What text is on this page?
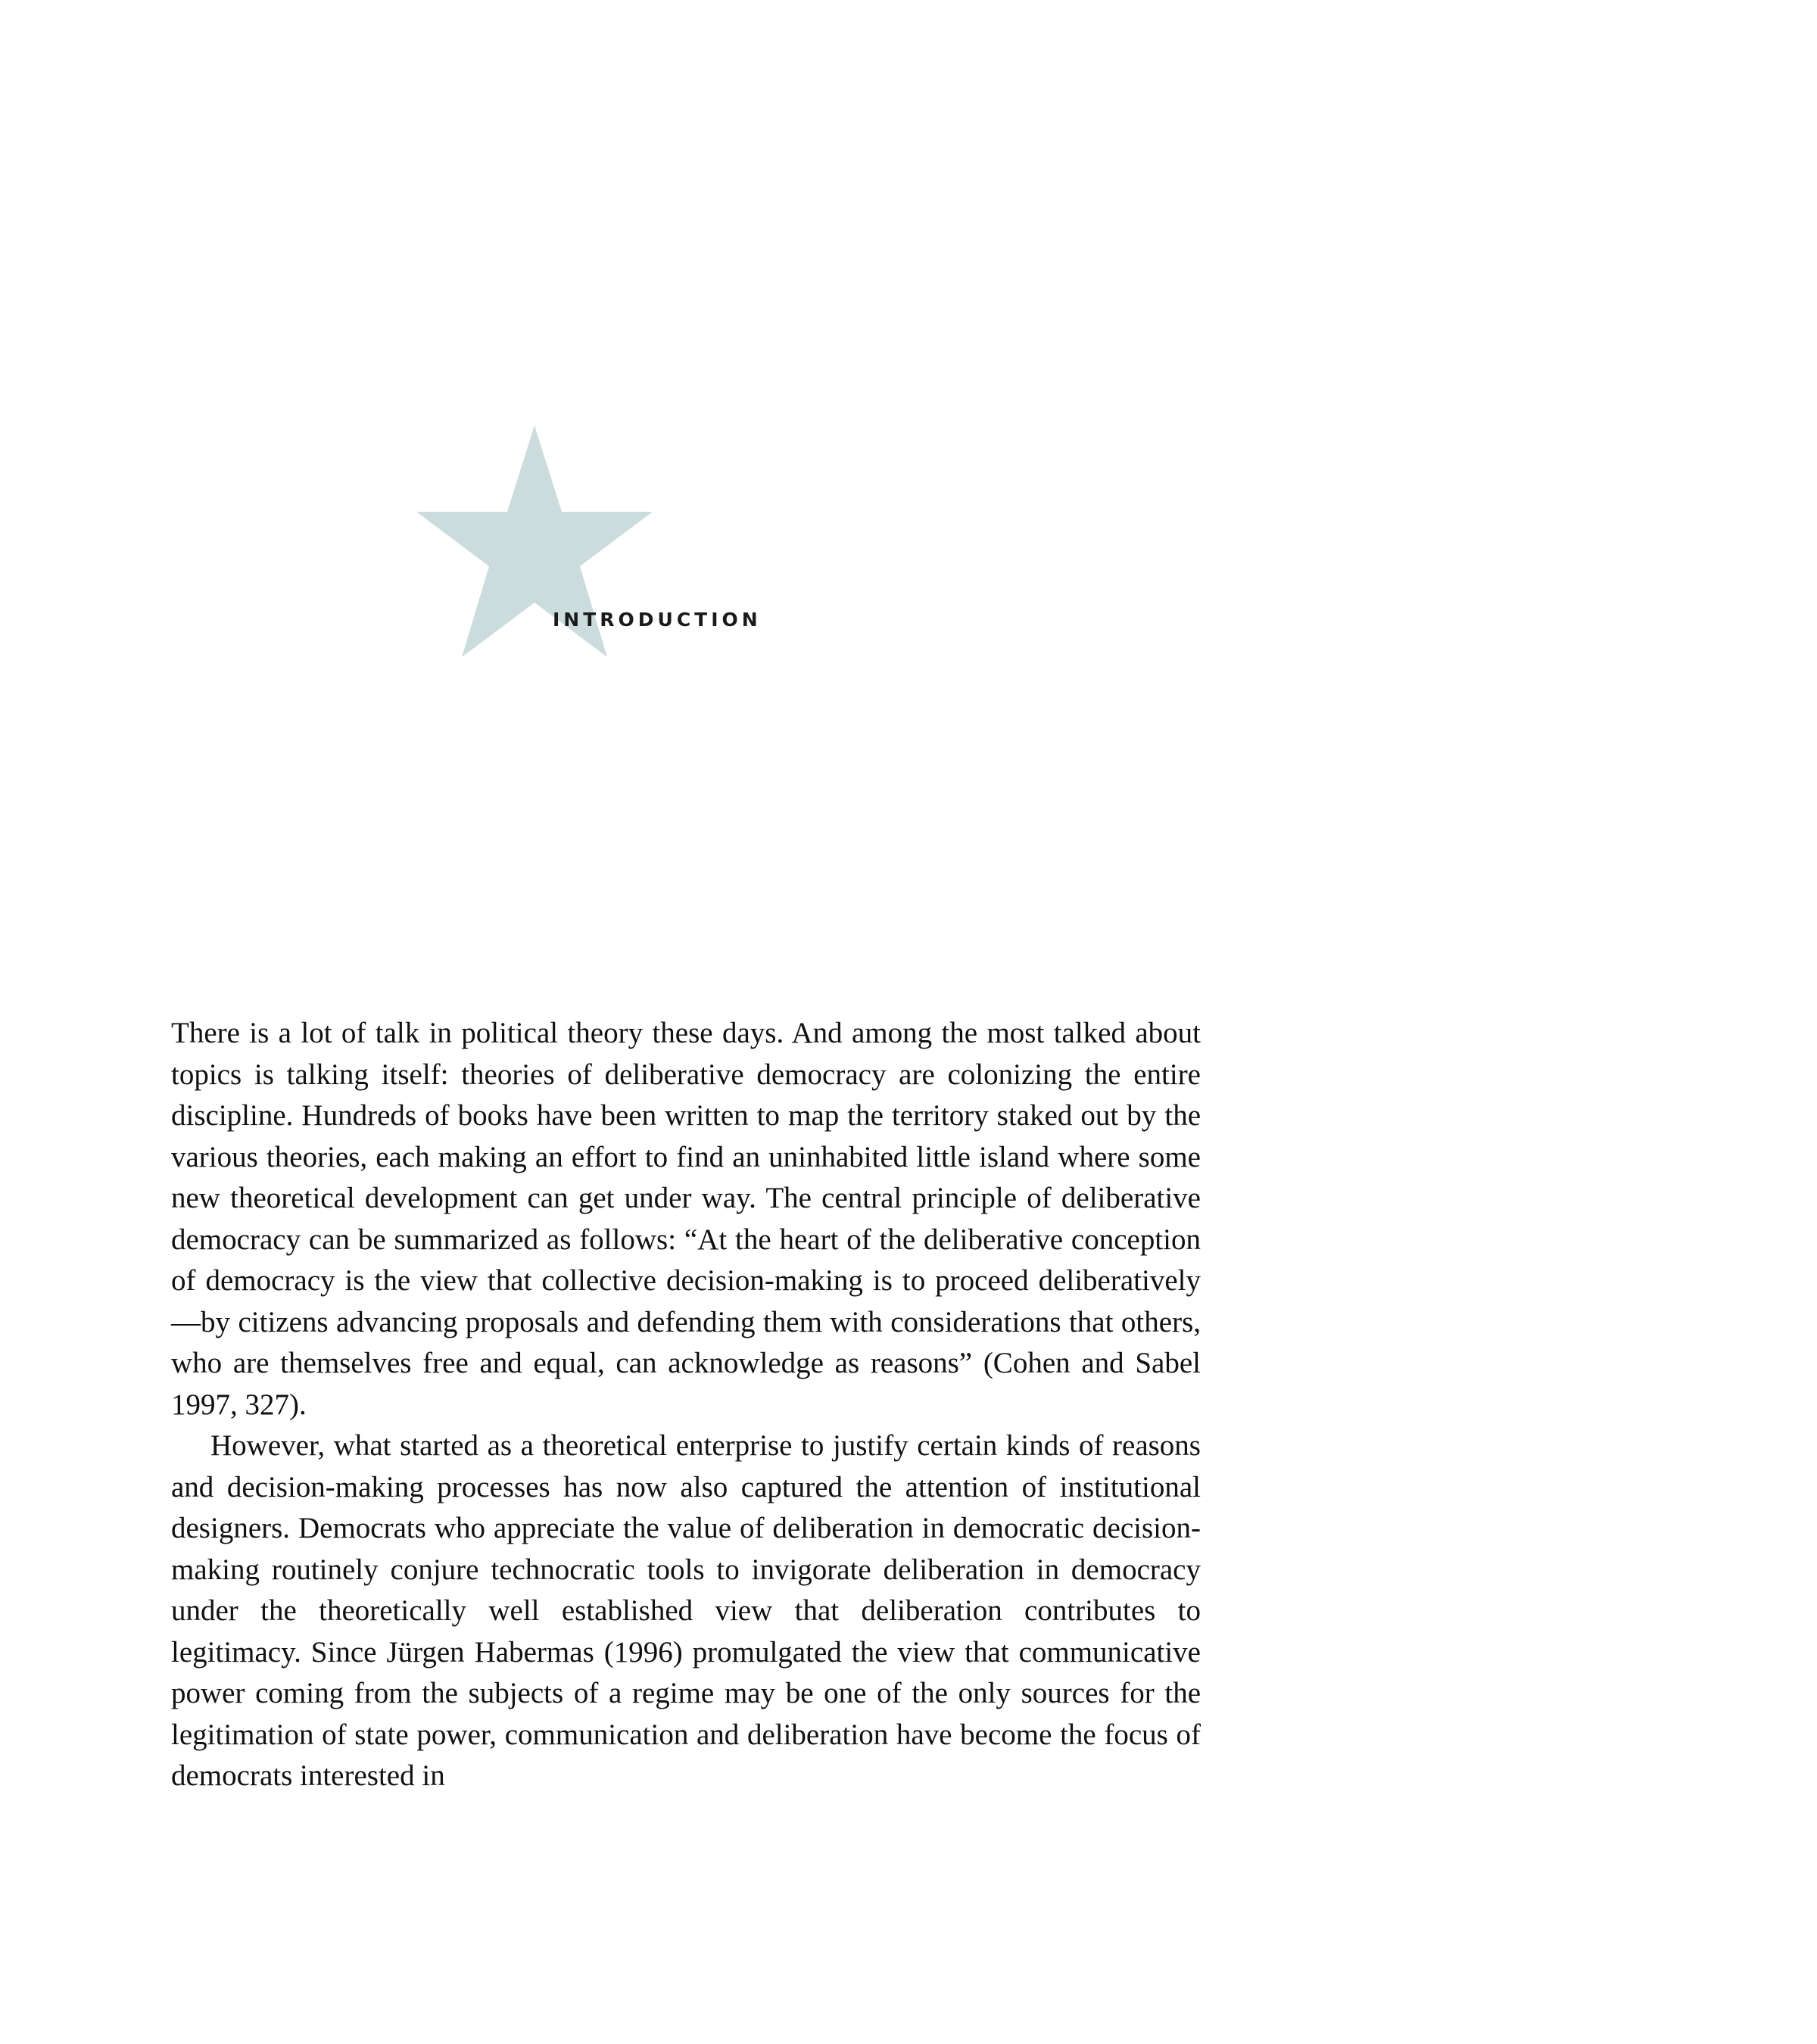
INTRODUCTION

There is a lot of talk in political theory these days. And among the most talked about topics is talking itself: theories of deliberative democracy are colonizing the entire discipline. Hundreds of books have been written to map the territory staked out by the various theories, each making an effort to find an uninhabited little island where some new theoretical development can get under way. The central principle of deliberative democracy can be summarized as follows: “At the heart of the deliberative conception of democracy is the view that collective decision-making is to proceed deliberatively—by citizens advancing proposals and defending them with considerations that others, who are themselves free and equal, can acknowledge as reasons” (Cohen and Sabel 1997, 327).

However, what started as a theoretical enterprise to justify certain kinds of reasons and decision-making processes has now also captured the attention of institutional designers. Democrats who appreciate the value of deliberation in democratic decision-making routinely conjure technocratic tools to invigorate deliberation in democracy under the theoretically well established view that deliberation contributes to legitimacy. Since Jürgen Habermas (1996) promulgated the view that communicative power coming from the subjects of a regime may be one of the only sources for the legitimation of state power, communication and deliberation have become the focus of democrats interested in
